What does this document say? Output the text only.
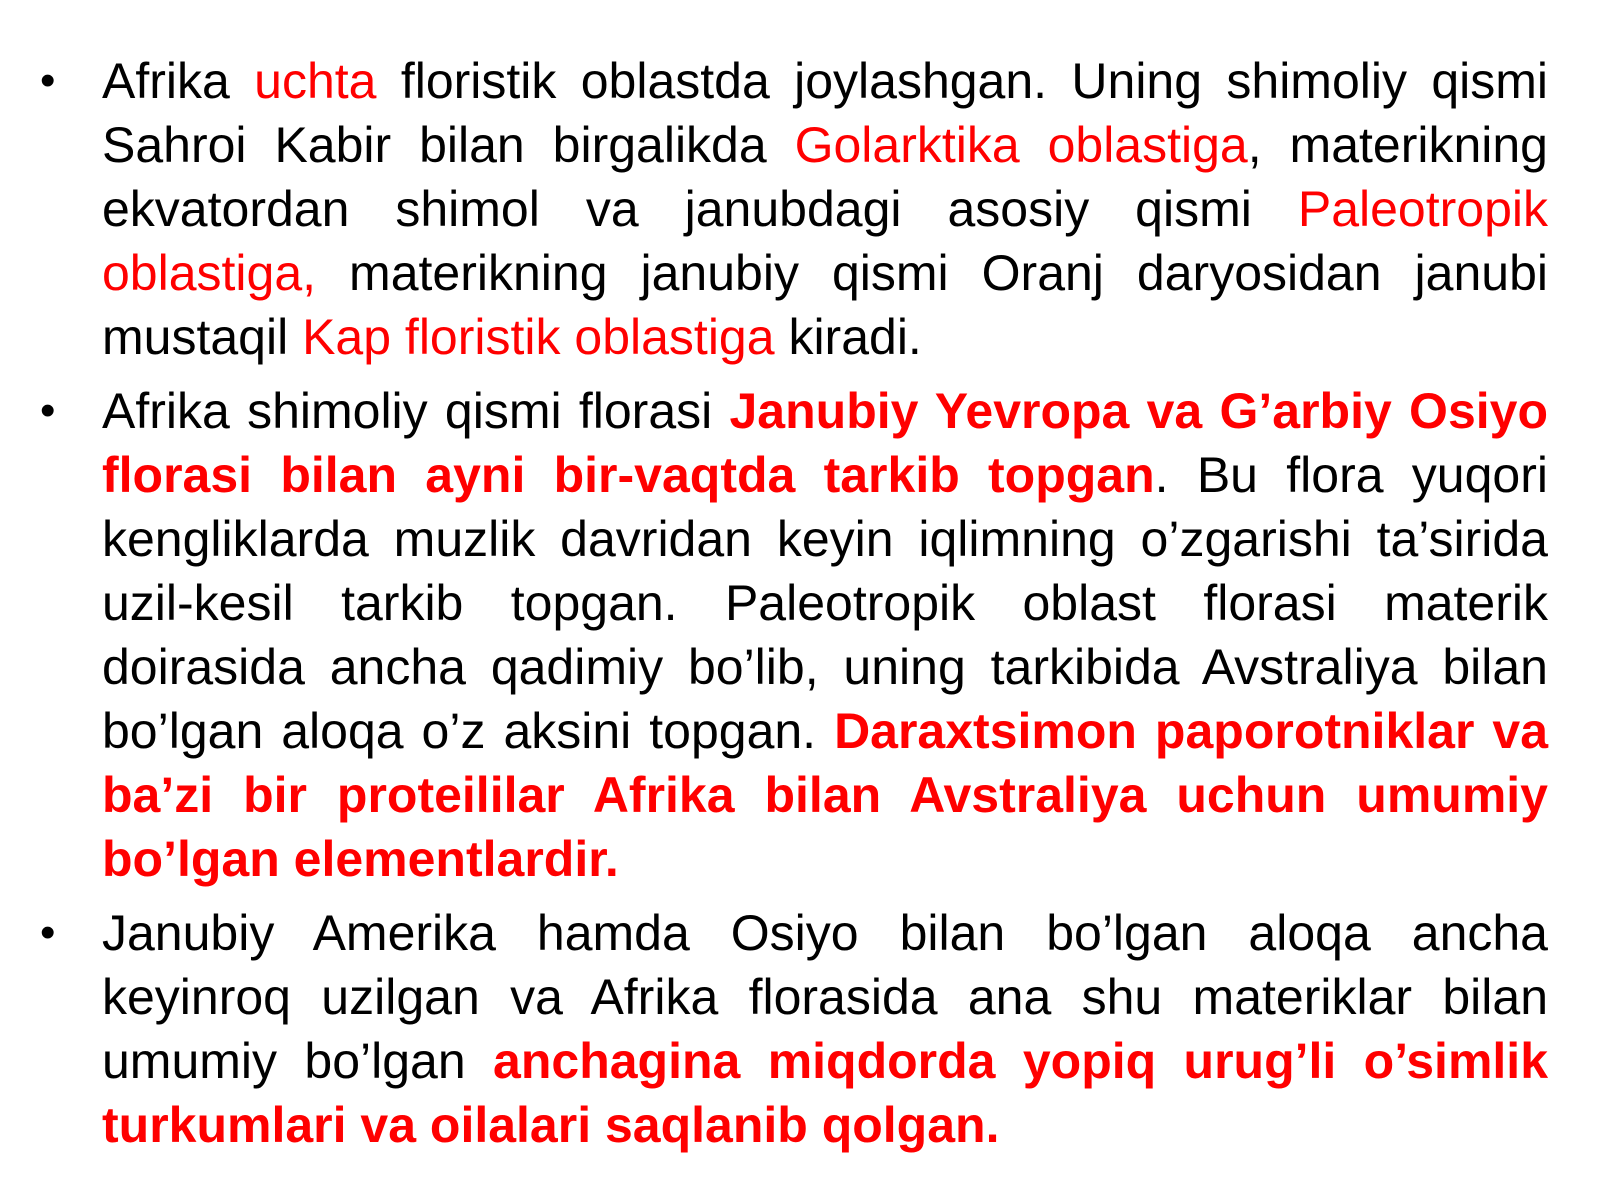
• Afrika uchta floristik oblastda joylashgan. Uning shimoliy qismi Sahroi Kabir bilan birgalikda Golarktika oblastiga, materikning ekvatordan shimol va janubdagi asosiy qismi Paleotropik oblastiga, materikning janubiy qismi Oranj daryosidan janubi mustaqil Kap floristik oblastiga kiradi.
• Afrika shimoliy qismi florasi Janubiy Yevropa va G’arbiy Osiyo florasi bilan ayni bir-vaqtda tarkib topgan. Bu flora yuqori kengliklarda muzlik davridan keyin iqlimning o’zgarishi ta’sirida uzil-kesil tarkib topgan. Paleotropik oblast florasi materik doirasida ancha qadimiy bo’lib, uning tarkibida Avstraliya bilan bo’lgan aloqa o’z aksini topgan. Daraxtsimon paporotniklar va ba’zi bir proteililar Afrika bilan Avstraliya uchun umumiy bo’lgan elementlardir.
• Janubiy Amerika hamda Osiyo bilan bo’lgan aloqa ancha keyinroq uzilgan va Afrika florasida ana shu materiklar bilan umumiy bo’lgan anchagina miqdorda yopiq urug’li o’simlik turkumlari va oilalari saqlanib qolgan.
